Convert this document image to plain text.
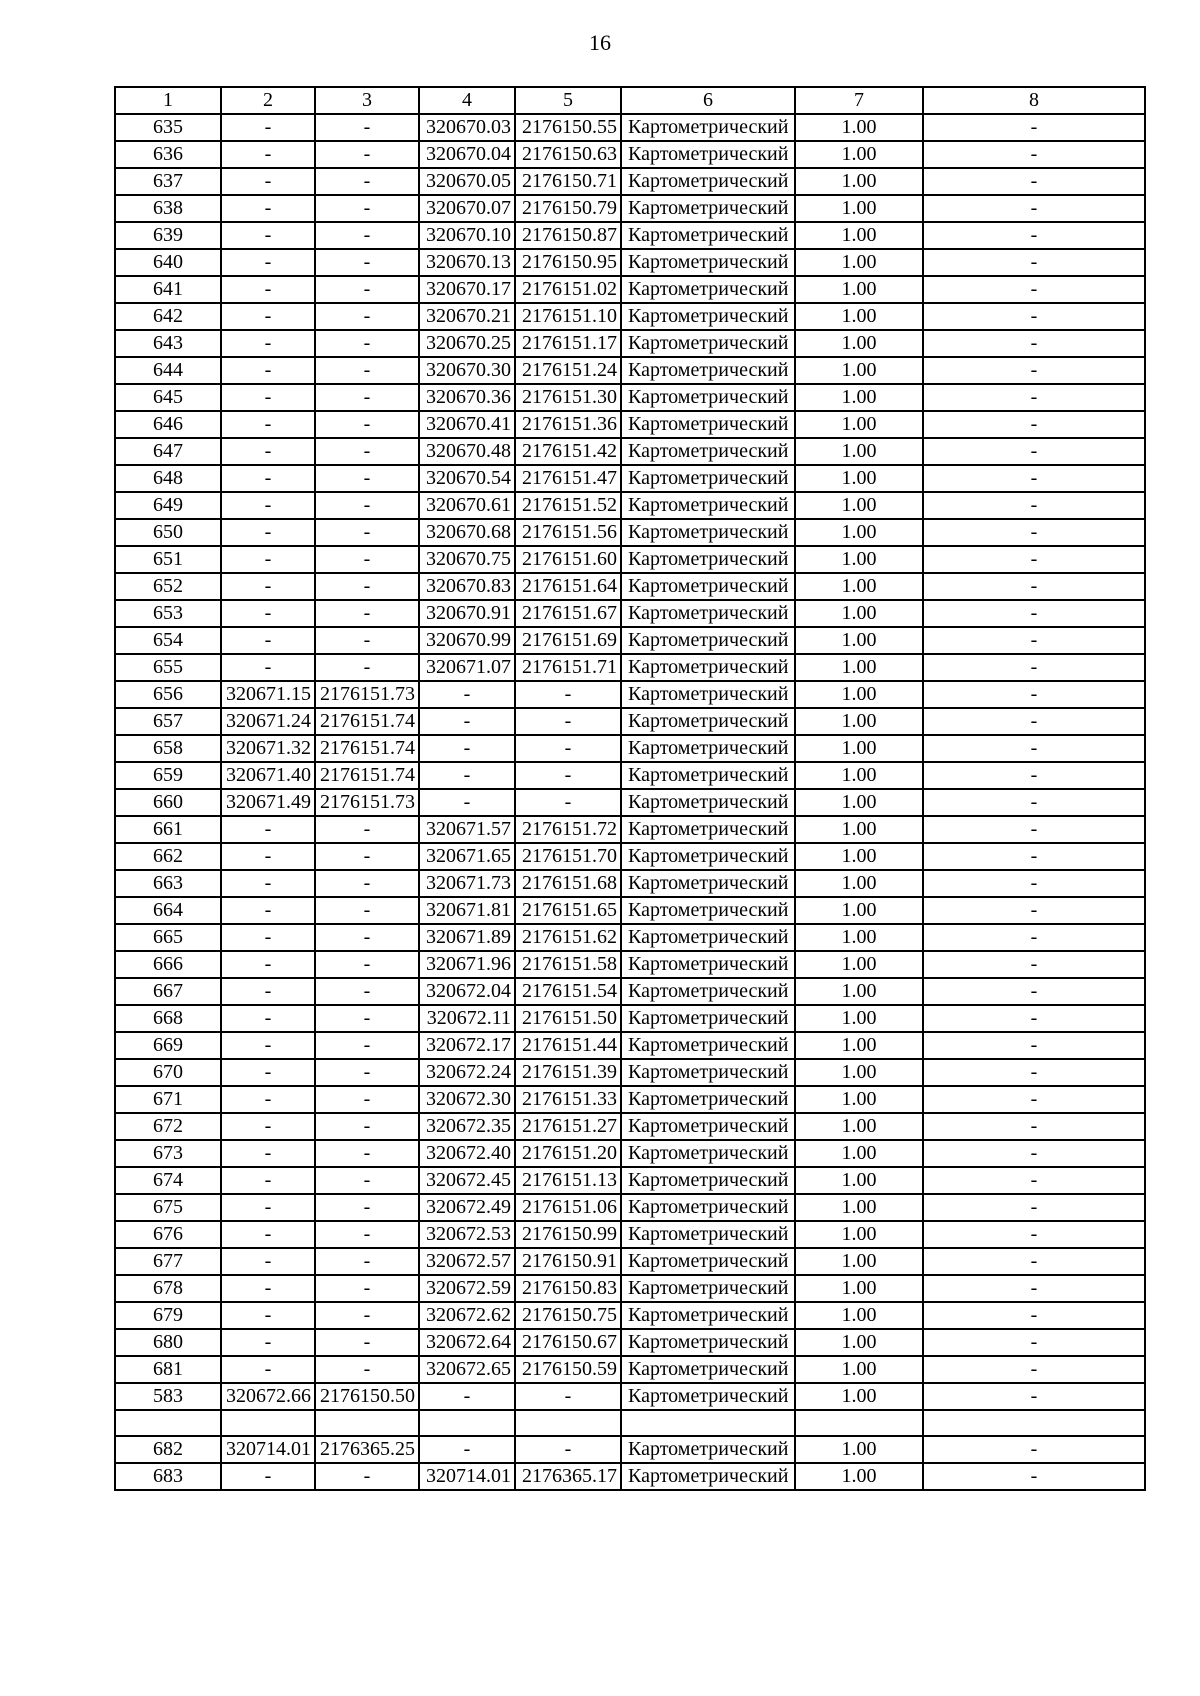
16
1	2	3	4	5	6	7	8
635	-	-	320670.03	2176150.55	Картометрический	1.00	-
636	-	-	320670.04	2176150.63	Картометрический	1.00	-
637	-	-	320670.05	2176150.71	Картометрический	1.00	-
638	-	-	320670.07	2176150.79	Картометрический	1.00	-
639	-	-	320670.10	2176150.87	Картометрический	1.00	-
640	-	-	320670.13	2176150.95	Картометрический	1.00	-
641	-	-	320670.17	2176151.02	Картометрический	1.00	-
642	-	-	320670.21	2176151.10	Картометрический	1.00	-
643	-	-	320670.25	2176151.17	Картометрический	1.00	-
644	-	-	320670.30	2176151.24	Картометрический	1.00	-
645	-	-	320670.36	2176151.30	Картометрический	1.00	-
646	-	-	320670.41	2176151.36	Картометрический	1.00	-
647	-	-	320670.48	2176151.42	Картометрический	1.00	-
648	-	-	320670.54	2176151.47	Картометрический	1.00	-
649	-	-	320670.61	2176151.52	Картометрический	1.00	-
650	-	-	320670.68	2176151.56	Картометрический	1.00	-
651	-	-	320670.75	2176151.60	Картометрический	1.00	-
652	-	-	320670.83	2176151.64	Картометрический	1.00	-
653	-	-	320670.91	2176151.67	Картометрический	1.00	-
654	-	-	320670.99	2176151.69	Картометрический	1.00	-
655	-	-	320671.07	2176151.71	Картометрический	1.00	-
656	320671.15	2176151.73	-	-	Картометрический	1.00	-
657	320671.24	2176151.74	-	-	Картометрический	1.00	-
658	320671.32	2176151.74	-	-	Картометрический	1.00	-
659	320671.40	2176151.74	-	-	Картометрический	1.00	-
660	320671.49	2176151.73	-	-	Картометрический	1.00	-
661	-	-	320671.57	2176151.72	Картометрический	1.00	-
662	-	-	320671.65	2176151.70	Картометрический	1.00	-
663	-	-	320671.73	2176151.68	Картометрический	1.00	-
664	-	-	320671.81	2176151.65	Картометрический	1.00	-
665	-	-	320671.89	2176151.62	Картометрический	1.00	-
666	-	-	320671.96	2176151.58	Картометрический	1.00	-
667	-	-	320672.04	2176151.54	Картометрический	1.00	-
668	-	-	320672.11	2176151.50	Картометрический	1.00	-
669	-	-	320672.17	2176151.44	Картометрический	1.00	-
670	-	-	320672.24	2176151.39	Картометрический	1.00	-
671	-	-	320672.30	2176151.33	Картометрический	1.00	-
672	-	-	320672.35	2176151.27	Картометрический	1.00	-
673	-	-	320672.40	2176151.20	Картометрический	1.00	-
674	-	-	320672.45	2176151.13	Картометрический	1.00	-
675	-	-	320672.49	2176151.06	Картометрический	1.00	-
676	-	-	320672.53	2176150.99	Картометрический	1.00	-
677	-	-	320672.57	2176150.91	Картометрический	1.00	-
678	-	-	320672.59	2176150.83	Картометрический	1.00	-
679	-	-	320672.62	2176150.75	Картометрический	1.00	-
680	-	-	320672.64	2176150.67	Картометрический	1.00	-
681	-	-	320672.65	2176150.59	Картометрический	1.00	-
583	320672.66	2176150.50	-	-	Картометрический	1.00	-

682	320714.01	2176365.25	-	-	Картометрический	1.00	-
683	-	-	320714.01	2176365.17	Картометрический	1.00	-
